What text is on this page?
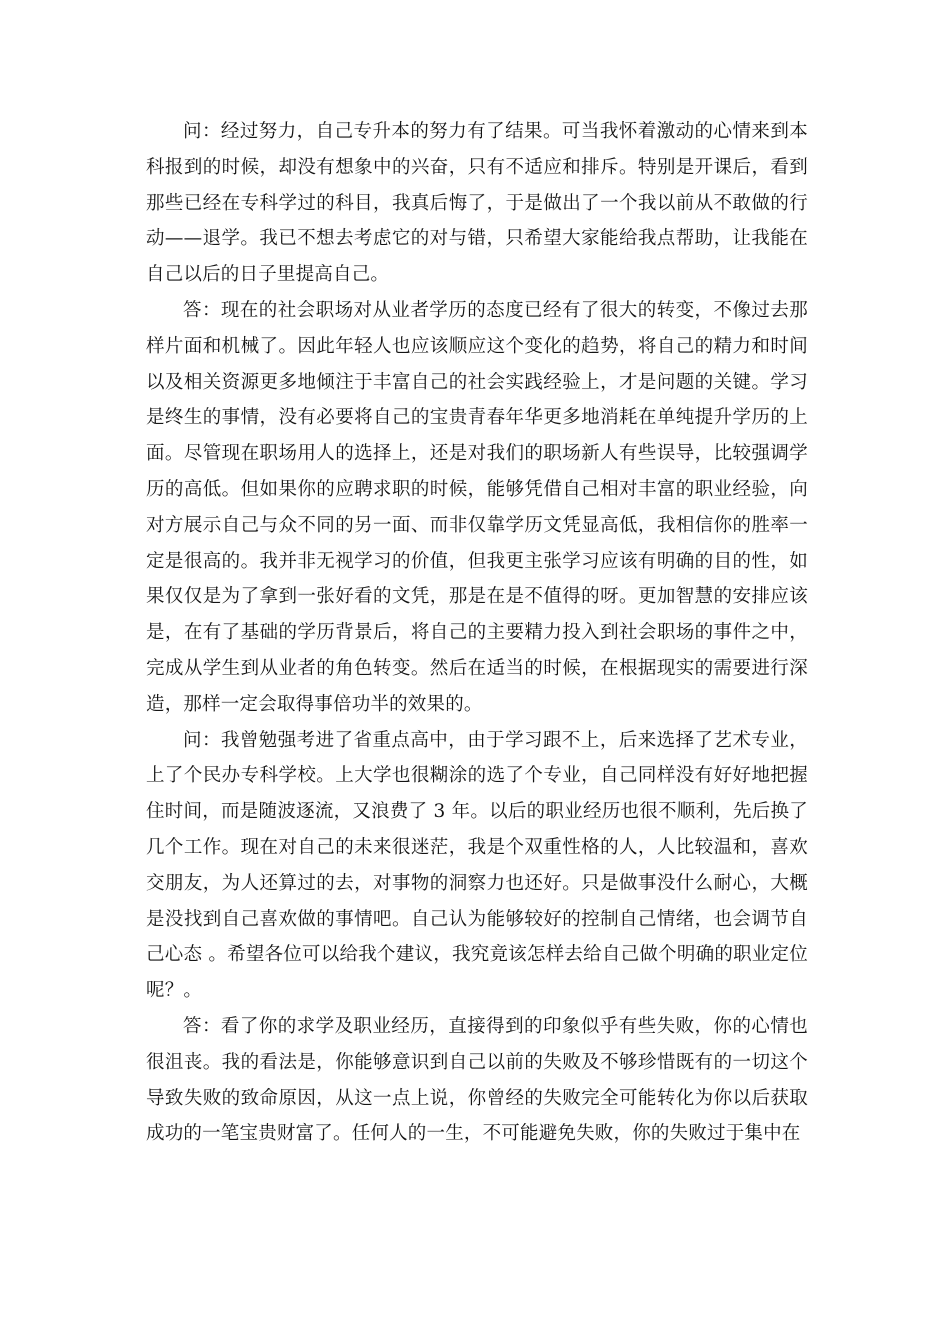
问：经过努力，自己专升本的努力有了结果。可当我怀着激动的心情来到本科报到的时候，却没有想象中的兴奋，只有不适应和排斥。特别是开课后，看到那些已经在专科学过的科目，我真后悔了，于是做出了一个我以前从不敢做的行动——退学。我已不想去考虑它的对与错，只希望大家能给我点帮助，让我能在自己以后的日子里提高自己。

答：现在的社会职场对从业者学历的态度已经有了很大的转变，不像过去那样片面和机械了。因此年轻人也应该顺应这个变化的趋势，将自己的精力和时间以及相关资源更多地倾注于丰富自己的社会实践经验上，才是问题的关键。学习是终生的事情，没有必要将自己的宝贵青春年华更多地消耗在单纯提升学历的上面。尽管现在职场用人的选择上，还是对我们的职场新人有些误导，比较强调学历的高低。但如果你的应聘求职的时候，能够凭借自己相对丰富的职业经验，向对方展示自己与众不同的另一面、而非仅靠学历文凭显高低，我相信你的胜率一定是很高的。我并非无视学习的价值，但我更主张学习应该有明确的目的性，如果仅仅是为了拿到一张好看的文凭，那是在是不值得的呀。更加智慧的安排应该是，在有了基础的学历背景后，将自己的主要精力投入到社会职场的事件之中，完成从学生到从业者的角色转变。然后在适当的时候，在根据现实的需要进行深造，那样一定会取得事倍功半的效果的。

问：我曾勉强考进了省重点高中，由于学习跟不上，后来选择了艺术专业，上了个民办专科学校。上大学也很糊涂的选了个专业，自己同样没有好好地把握住时间，而是随波逐流，又浪费了 3 年。以后的职业经历也很不顺利，先后换了几个工作。现在对自己的未来很迷茫，我是个双重性格的人，人比较温和，喜欢交朋友，为人还算过的去，对事物的洞察力也还好。只是做事没什么耐心，大概是没找到自己喜欢做的事情吧。自己认为能够较好的控制自己情绪，也会调节自己心态 。希望各位可以给我个建议，我究竟该怎样去给自己做个明确的职业定位呢？。

答：看了你的求学及职业经历，直接得到的印象似乎有些失败，你的心情也很沮丧。我的看法是，你能够意识到自己以前的失败及不够珍惜既有的一切这个导致失败的致命原因，从这一点上说，你曾经的失败完全可能转化为你以后获取成功的一笔宝贵财富了。任何人的一生，不可能避免失败，你的失败过于集中在
